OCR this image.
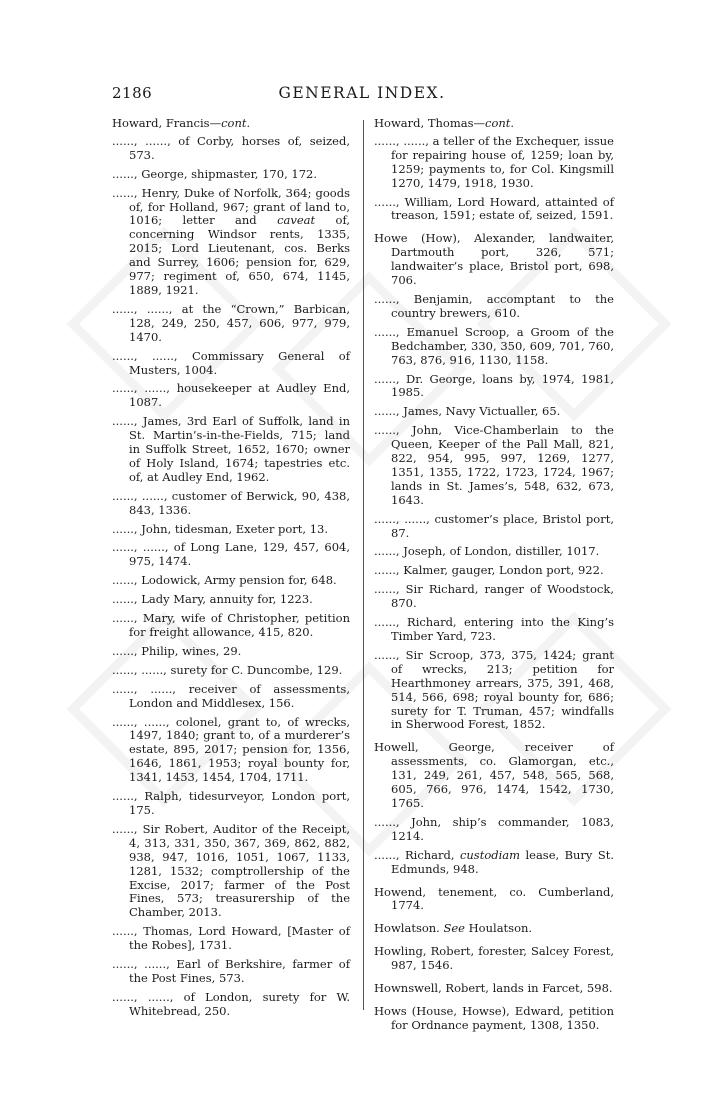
2186	GENERAL INDEX.
Howard, Francis—cont.
......, ......, of Corby, horses of, seized, 573.
......, George, shipmaster, 170, 172.
......, Henry, Duke of Norfolk, 364; goods of, for Holland, 967; grant of land to, 1016; letter and caveat of, concerning Windsor rents, 1335, 2015; Lord Lieutenant, cos. Berks and Surrey, 1606; pension for, 629, 977; regiment of, 650, 674, 1145, 1889, 1921.
......, ......, at the “Crown,” Barbican, 128, 249, 250, 457, 606, 977, 979, 1470.
......, ......, Commissary General of Musters, 1004.
......, ......, housekeeper at Audley End, 1087.
......, James, 3rd Earl of Suffolk, land in St. Martin’s-in-the-Fields, 715; land in Suffolk Street, 1652, 1670; owner of Holy Island, 1674; tapestries etc. of, at Audley End, 1962.
......, ......, customer of Berwick, 90, 438, 843, 1336.
......, John, tidesman, Exeter port, 13.
......, ......, of Long Lane, 129, 457, 604, 975, 1474.
......, Lodowick, Army pension for, 648.
......, Lady Mary, annuity for, 1223.
......, Mary, wife of Christopher, petition for freight allowance, 415, 820.
......, Philip, wines, 29.
......, ......, surety for C. Duncombe, 129.
......, ......, receiver of assessments, London and Middlesex, 156.
......, ......, colonel, grant to, of wrecks, 1497, 1840; grant to, of a murderer’s estate, 895, 2017; pension for, 1356, 1646, 1861, 1953; royal bounty for, 1341, 1453, 1454, 1704, 1711.
......, Ralph, tidesurveyor, London port, 175.
......, Sir Robert, Auditor of the Receipt, 4, 313, 331, 350, 367, 369, 862, 882, 938, 947, 1016, 1051, 1067, 1133, 1281, 1532; comptrollership of the Excise, 2017; farmer of the Post Fines, 573; treasurership of the Chamber, 2013.
......, Thomas, Lord Howard, [Master of the Robes], 1731.
......, ......, Earl of Berkshire, farmer of the Post Fines, 573.
......, ......, of London, surety for W. Whitebread, 250.
Howard, Thomas—cont.
......, ......, a teller of the Exchequer, issue for repairing house of, 1259; loan by, 1259; payments to, for Col. Kingsmill 1270, 1479, 1918, 1930.
......, William, Lord Howard, attainted of treason, 1591; estate of, seized, 1591.
Howe (How), Alexander, landwaiter, Dartmouth port, 326, 571; landwaiter’s place, Bristol port, 698, 706.
......, Benjamin, accomptant to the country brewers, 610.
......, Emanuel Scroop, a Groom of the Bedchamber, 330, 350, 609, 701, 760, 763, 876, 916, 1130, 1158.
......, Dr. George, loans by, 1974, 1981, 1985.
......, James, Navy Victualler, 65.
......, John, Vice-Chamberlain to the Queen, Keeper of the Pall Mall, 821, 822, 954, 995, 997, 1269, 1277, 1351, 1355, 1722, 1723, 1724, 1967; lands in St. James’s, 548, 632, 673, 1643.
......, ......, customer’s place, Bristol port, 87.
......, Joseph, of London, distiller, 1017.
......, Kalmer, gauger, London port, 922.
......, Sir Richard, ranger of Woodstock, 870.
......, Richard, entering into the King’s Timber Yard, 723.
......, Sir Scroop, 373, 375, 1424; grant of wrecks, 213; petition for Hearthmoney arrears, 375, 391, 468, 514, 566, 698; royal bounty for, 686; surety for T. Truman, 457; windfalls in Sherwood Forest, 1852.
Howell, George, receiver of assessments, co. Glamorgan, etc., 131, 249, 261, 457, 548, 565, 568, 605, 766, 976, 1474, 1542, 1730, 1765.
......, John, ship’s commander, 1083, 1214.
......, Richard, custodiam lease, Bury St. Edmunds, 948.
Howend, tenement, co. Cumberland, 1774.
Howlatson. See Houlatson.
Howling, Robert, forester, Salcey Forest, 987, 1546.
Hownswell, Robert, lands in Farcet, 598.
Hows (House, Howse), Edward, petition for Ordnance payment, 1308, 1350.
